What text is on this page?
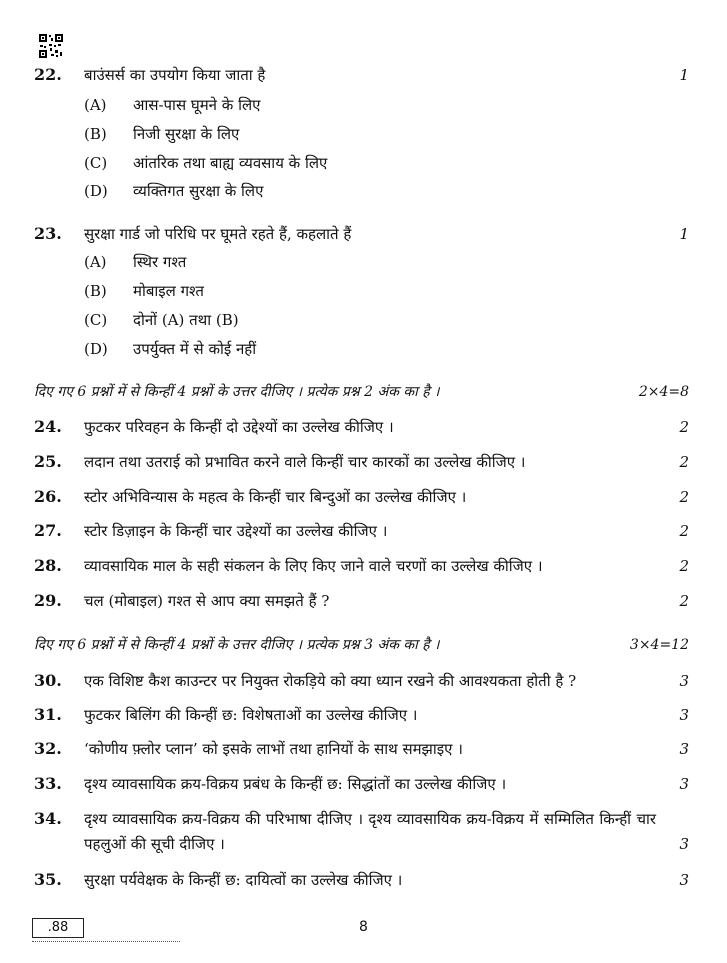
22. बाउंसर्स का उपयोग किया जाता है	1
(A) आस-पास घूमने के लिए
(B) निजी सुरक्षा के लिए
(C) आंतरिक तथा बाह्य व्यवसाय के लिए
(D) व्यक्तिगत सुरक्षा के लिए
23. सुरक्षा गार्ड जो परिधि पर घूमते रहते हैं, कहलाते हैं	1
(A) स्थिर गश्त
(B) मोबाइल गश्त
(C) दोनों (A) तथा (B)
(D) उपर्युक्त में से कोई नहीं
दिए गए 6 प्रश्नों में से किन्हीं 4 प्रश्नों के उत्तर दीजिए । प्रत्येक प्रश्न 2 अंक का है ।	2×4=8
24. फुटकर परिवहन के किन्हीं दो उद्देश्यों का उल्लेख कीजिए ।	2
25. लदान तथा उतराई को प्रभावित करने वाले किन्हीं चार कारकों का उल्लेख कीजिए ।	2
26. स्टोर अभिविन्यास के महत्व के किन्हीं चार बिन्दुओं का उल्लेख कीजिए ।	2
27. स्टोर डिज़ाइन के किन्हीं चार उद्देश्यों का उल्लेख कीजिए ।	2
28. व्यावसायिक माल के सही संकलन के लिए किए जाने वाले चरणों का उल्लेख कीजिए ।	2
29. चल (मोबाइल) गश्त से आप क्या समझते हैं ?	2
दिए गए 6 प्रश्नों में से किन्हीं 4 प्रश्नों के उत्तर दीजिए । प्रत्येक प्रश्न 3 अंक का है ।	3×4=12
30. एक विशिष्ट कैश काउन्टर पर नियुक्त रोकड़िये को क्या ध्यान रखने की आवश्यकता होती है ?	3
31. फुटकर बिलिंग की किन्हीं छ: विशेषताओं का उल्लेख कीजिए ।	3
32. ‘कोणीय फ़्लोर प्लान’ को इसके लाभों तथा हानियों के साथ समझाइए ।	3
33. दृश्य व्यावसायिक क्रय-विक्रय प्रबंध के किन्हीं छ: सिद्धांतों का उल्लेख कीजिए ।	3
34. दृश्य व्यावसायिक क्रय-विक्रय की परिभाषा दीजिए । दृश्य व्यावसायिक क्रय-विक्रय में सम्मिलित किन्हीं चार पहलुओं की सूची दीजिए ।	3
35. सुरक्षा पर्यवेक्षक के किन्हीं छ: दायित्वों का उल्लेख कीजिए ।	3
.88	8
